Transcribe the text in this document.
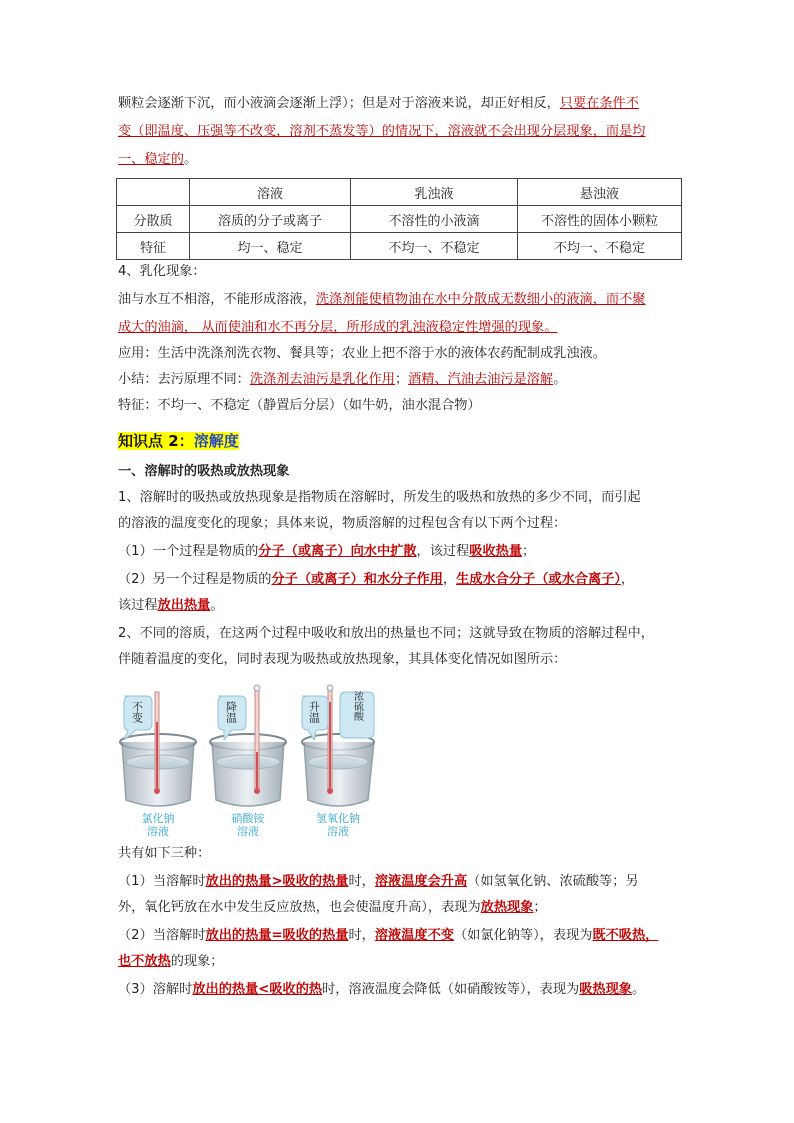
颗粒会逐渐下沉，而小液滴会逐渐上浮）；但是对于溶液来说，却正好相反，只要在条件不
变（即温度、压强等不改变，溶剂不蒸发等）的情况下，溶液就不会出现分层现象，而是均
一、稳定的。
	溶液	乳浊液	悬浊液
分散质	溶质的分子或离子	不溶性的小液滴	不溶性的固体小颗粒
特征	均一、稳定	不均一、不稳定	不均一、不稳定
4、乳化现象：
油与水互不相溶，不能形成溶液，洗涤剂能使植物油在水中分散成无数细小的液滴，而不聚
成大的油滴， 从而使油和水不再分层，所形成的乳浊液稳定性增强的现象。
应用：生活中洗涤剂洗衣物、餐具等；农业上把不溶于水的液体农药配制成乳浊液。
小结：去污原理不同：洗涤剂去油污是乳化作用；酒精、汽油去油污是溶解。
特征：不均一、不稳定（静置后分层）（如牛奶，油水混合物）
知识点 2：溶解度
一、溶解时的吸热或放热现象
1、溶解时的吸热或放热现象是指物质在溶解时，所发生的吸热和放热的多少不同，而引起
的溶液的温度变化的现象；具体来说，物质溶解的过程包含有以下两个过程：
（1）一个过程是物质的分子（或离子）向水中扩散，该过程吸收热量；
（2）另一个过程是物质的分子（或离子）和水分子作用，生成水合分子（或水合离子），
该过程放出热量。
2、不同的溶质，在这两个过程中吸收和放出的热量也不同；这就导致在物质的溶解过程中，
伴随着温度的变化，同时表现为吸热或放热现象，其具体变化情况如图所示：
不变
氯化钠
溶液
降温
硝酸铵
溶液
升温	浓硫酸
氢氧化钠
溶液
共有如下三种：
（1）当溶解时放出的热量>吸收的热量时，溶液温度会升高（如氢氧化钠、浓硫酸等；另
外，氧化钙放在水中发生反应放热，也会使温度升高），表现为放热现象；
（2）当溶解时放出的热量=吸收的热量时，溶液温度不变（如氯化钠等），表现为既不吸热，
也不放热的现象；
（3）溶解时放出的热量<吸收的热时，溶液温度会降低（如硝酸铵等），表现为吸热现象。
